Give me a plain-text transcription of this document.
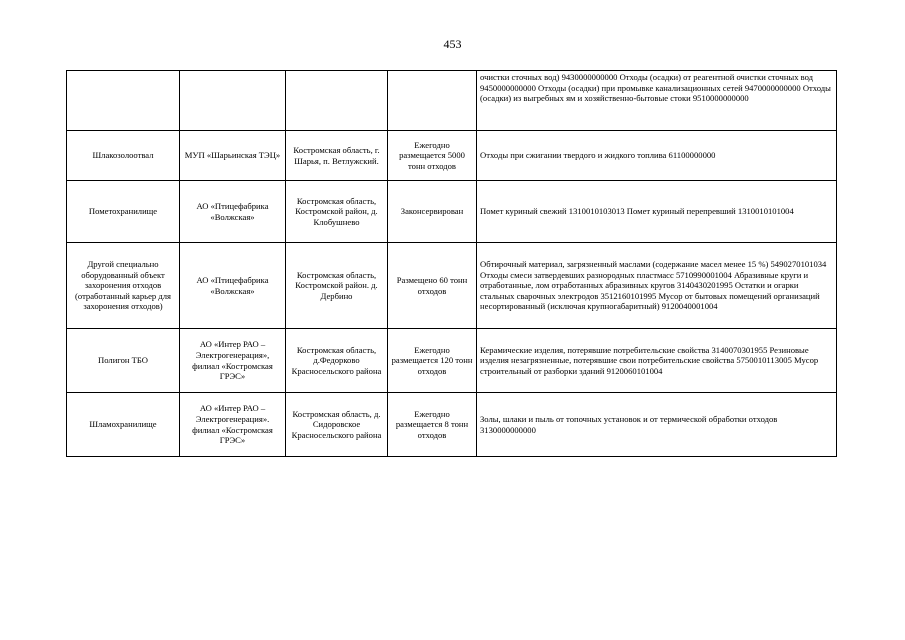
453
				очистки сточных вод) 9430000000000 Отходы (осадки) от реагентной очистки сточных вод 9450000000000 Отходы (осадки) при промывке канализационных сетей 9470000000000 Отходы (осадки) из выгребных ям и хозяйственно-бытовые стоки 9510000000000
Шлакозолоотвал	МУП «Шарьинская ТЭЦ»	Костромская область, г. Шарья, п. Ветлужский.	Ежегодно размещается 5000 тонн отходов	Отходы при сжигании твердого и жидкого топлива 61100000000
Пометохранилище	АО «Птицефабрика «Волжская»	Костромская область, Костромской район, д. Клобушнево	Законсервирован	Помет куриный свежий 1310010103013 Помет куриный перепревший 1310010101004
Другой специально оборудованный объект захоронения отходов (отработанный карьер для захоронения отходов)	АО «Птицефабрика «Волжская»	Костромская область, Костромской район. д. Дербино	Размещено 60 тонн отходов	Обтирочный материал, загрязненный маслами (содержание масел менее 15 %) 5490270101034 Отходы смеси затвердевших разнородных пластмасс 5710990001004 Абразивные круги и отработанные, лом отработанных абразивных кругов 3140430201995 Остатки и огарки стальных сварочных электродов 3512160101995 Мусор от бытовых помещений организаций несортированный (исключая крупногабаритный) 9120040001004
Полигон ТБО	АО «Интер РАО – Электрогенерация», филиал «Костромская ГРЭС»	Костромская область, д.Федорково Красносельского района	Ежегодно размещается 120 тонн отходов	Керамические изделия, потерявшие потребительские свойства 3140070301955 Резиновые изделия незагрязненные, потерявшие свои потребительские свойства 5750010113005 Мусор строительный от разборки зданий 9120060101004
Шламохранилище	АО «Интер РАО – Электрогенерация». филиал «Костромская ГРЭС»	Костромская область, д. Сидоровское Красносельского района	Ежегодно размещается 8 тонн отходов	Золы, шлаки и пыль от топочных установок и от термической обработки отходов 3130000000000
